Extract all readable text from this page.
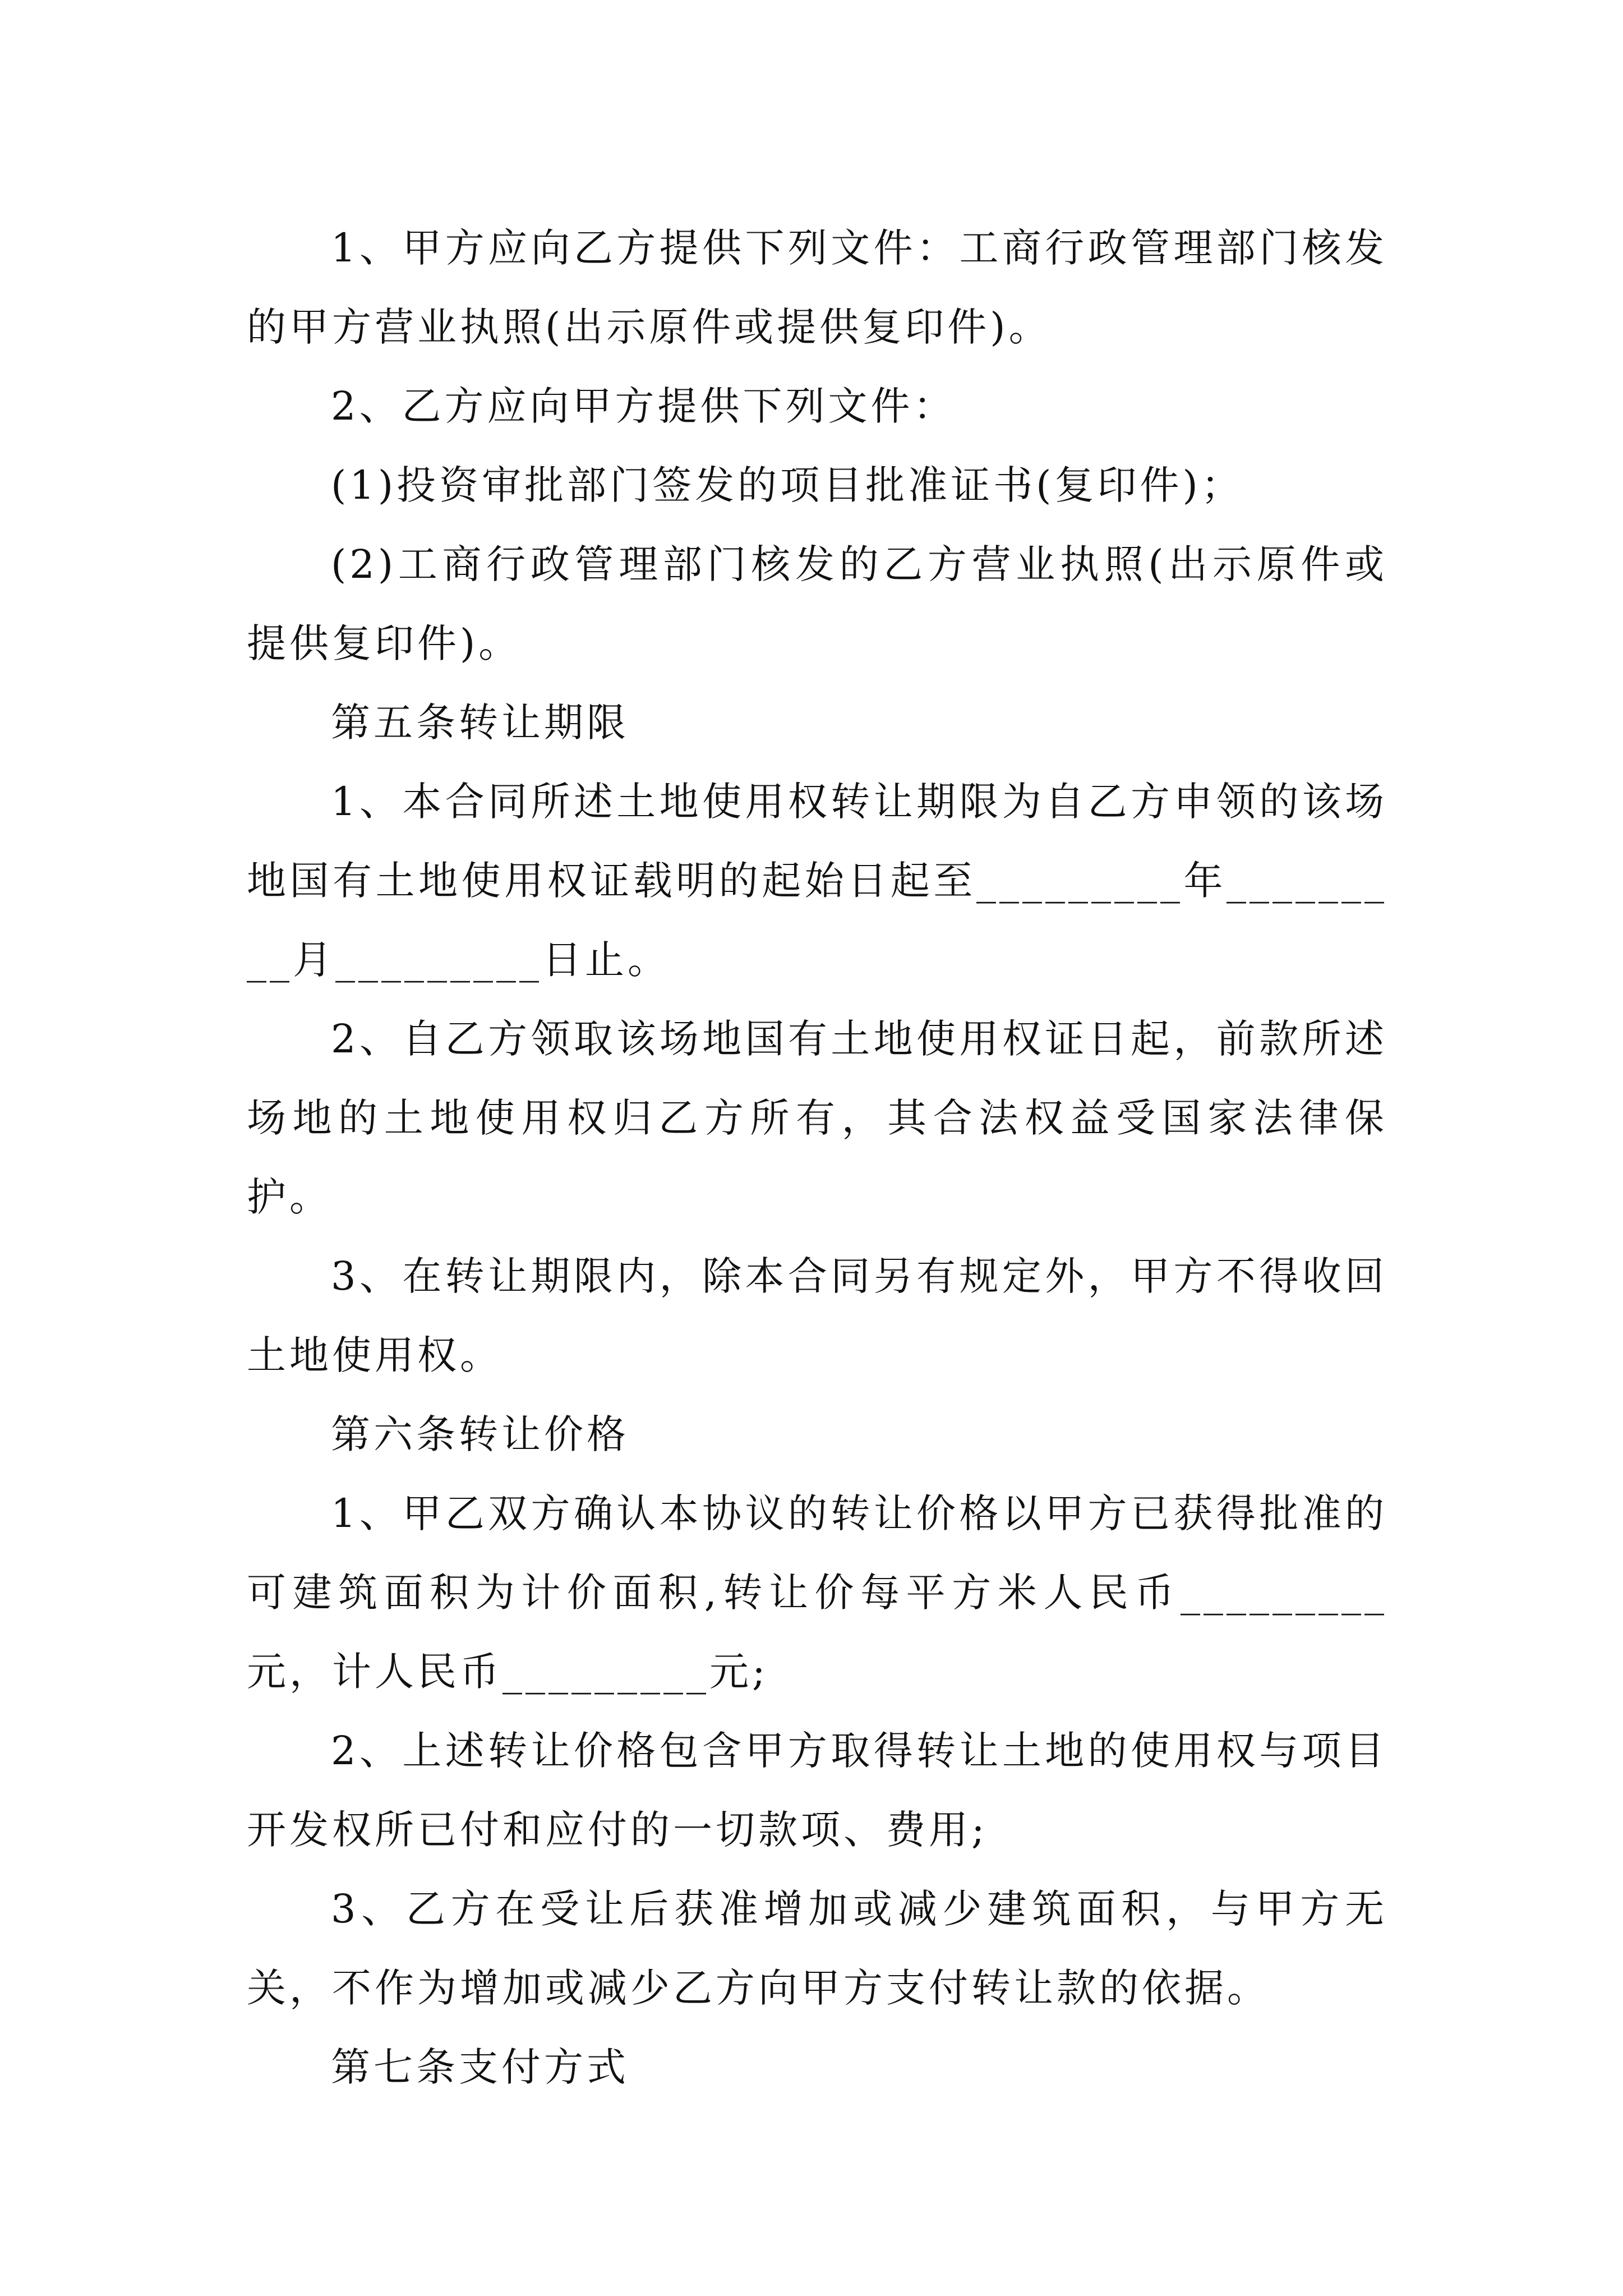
1、甲方应向乙方提供下列文件：工商行政管理部门核发的甲方营业执照(出示原件或提供复印件)。

2、乙方应向甲方提供下列文件：

(1)投资审批部门签发的项目批准证书(复印件)；

(2)工商行政管理部门核发的乙方营业执照(出示原件或提供复印件)。

第五条转让期限

1、本合同所述土地使用权转让期限为自乙方申领的该场地国有土地使用权证载明的起始日起至_________年_________月_________日止。

2、自乙方领取该场地国有土地使用权证日起，前款所述场地的土地使用权归乙方所有，其合法权益受国家法律保护。

3、在转让期限内，除本合同另有规定外，甲方不得收回土地使用权。

第六条转让价格

1、甲乙双方确认本协议的转让价格以甲方已获得批准的可建筑面积为计价面积,转让价每平方米人民币_________元，计人民币_________元;

2、上述转让价格包含甲方取得转让土地的使用权与项目开发权所已付和应付的一切款项、费用;

3、乙方在受让后获准增加或减少建筑面积，与甲方无关，不作为增加或减少乙方向甲方支付转让款的依据。

第七条支付方式
